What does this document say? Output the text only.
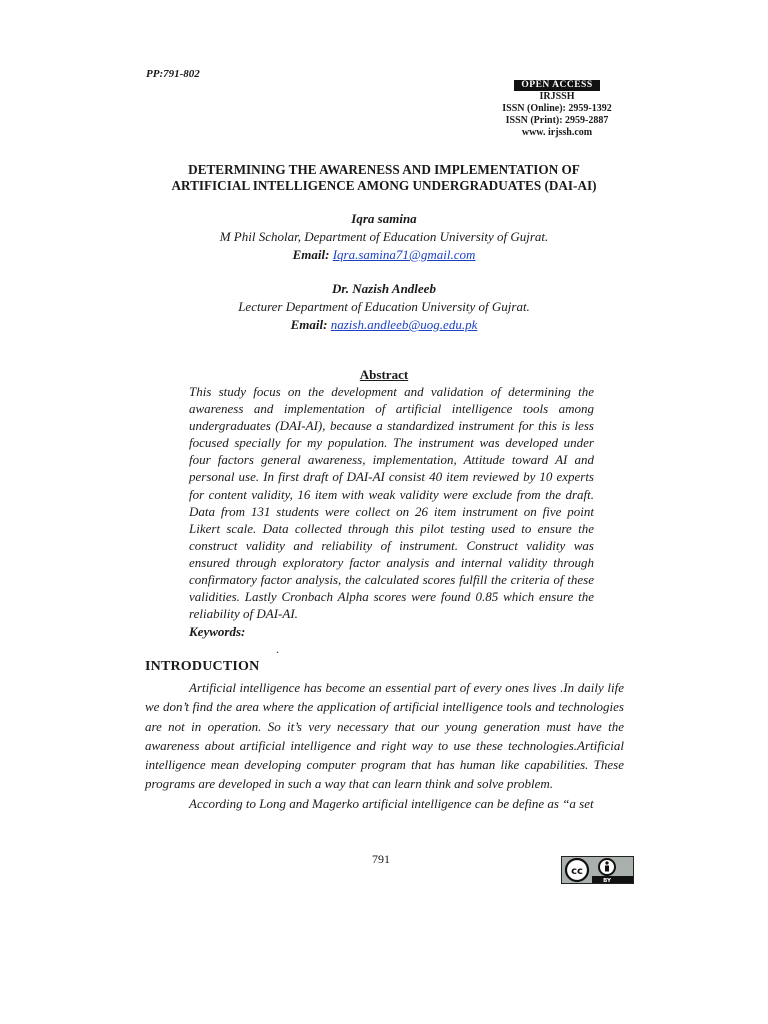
PP:791-802
OPEN ACCESS
IRJSSH
ISSN (Online): 2959-1392
ISSN (Print): 2959-2887
www. irjssh.com
DETERMINING THE AWARENESS AND IMPLEMENTATION OF
ARTIFICIAL INTELLIGENCE AMONG UNDERGRADUATES (DAI-AI)
Iqra samina
M Phil Scholar, Department of Education University of Gujrat.
Email: Iqra.samina71@gmail.com
Dr. Nazish Andleeb
Lecturer Department of Education University of Gujrat.
Email: nazish.andleeb@uog.edu.pk
Abstract
This study focus on the development and validation of determining the awareness and implementation of artificial intelligence tools among undergraduates (DAI-AI), because a standardized instrument for this is less focused specially for my population. The instrument was developed under four factors general awareness, implementation, Attitude toward AI and personal use. In first draft of DAI-AI consist 40 item reviewed by 10 experts for content validity, 16 item with weak validity were exclude from the draft. Data from 131 students were collect on 26 item instrument on five point Likert scale. Data collected through this pilot testing used to ensure the construct validity and reliability of instrument. Construct validity was ensured through exploratory factor analysis and internal validity through confirmatory factor analysis, the calculated scores fulfill the criteria of these validities. Lastly Cronbach Alpha scores were found 0.85 which ensure the reliability of DAI-AI.
Keywords:
.
INTRODUCTION

Artificial intelligence has become an essential part of every ones lives .In daily life we don’t find the area where the application of artificial intelligence tools and technologies are not in operation. So it’s very necessary that our young generation must have the awareness about artificial intelligence and right way to use these technologies.Artificial intelligence mean developing computer program that has human like capabilities. These programs are developed in such a way that can learn think and solve problem.

According to Long and Magerko artificial intelligence can be define as “a set

791
cc
BY
